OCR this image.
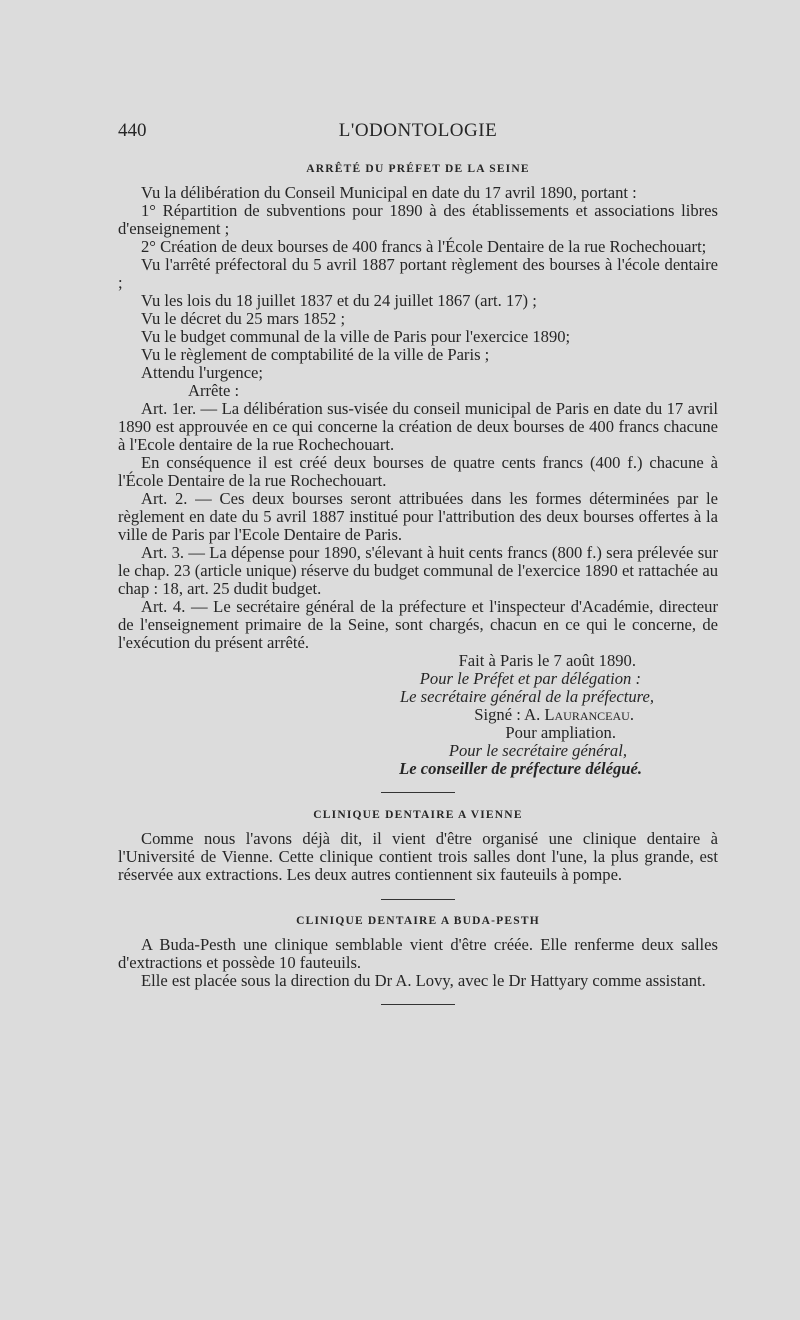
440	L'ODONTOLOGIE
ARRÊTÉ DU PRÉFET DE LA SEINE

Vu la délibération du Conseil Municipal en date du 17 avril 1890, portant :

1° Répartition de subventions pour 1890 à des établissements et associations libres d'enseignement ;

2° Création de deux bourses de 400 francs à l'École Dentaire de la rue Rochechouart;

Vu l'arrêté préfectoral du 5 avril 1887 portant règlement des bourses à l'école dentaire ;

Vu les lois du 18 juillet 1837 et du 24 juillet 1867 (art. 17) ;

Vu le décret du 25 mars 1852 ;

Vu le budget communal de la ville de Paris pour l'exercice 1890;

Vu le règlement de comptabilité de la ville de Paris ;

Attendu l'urgence;

Arrête :

Art. 1er. — La délibération sus-visée du conseil municipal de Paris en date du 17 avril 1890 est approuvée en ce qui concerne la création de deux bourses de 400 francs chacune à l'Ecole dentaire de la rue Rochechouart.

En conséquence il est créé deux bourses de quatre cents francs (400 f.) chacune à l'École Dentaire de la rue Rochechouart.

Art. 2. — Ces deux bourses seront attribuées dans les formes déterminées par le règlement en date du 5 avril 1887 institué pour l'attribution des deux bourses offertes à la ville de Paris par l'Ecole Dentaire de Paris.

Art. 3. — La dépense pour 1890, s'élevant à huit cents francs (800 f.) sera prélevée sur le chap. 23 (article unique) réserve du budget communal de l'exercice 1890 et rattachée au chap : 18, art. 25 dudit budget.

Art. 4. — Le secrétaire général de la préfecture et l'inspecteur d'Académie, directeur de l'enseignement primaire de la Seine, sont chargés, chacun en ce qui le concerne, de l'exécution du présent arrêté.

Fait à Paris le 7 août 1890.
Pour le Préfet et par délégation :
Le secrétaire général de la préfecture,
Signé : A. Lauranceau.
Pour ampliation.
Pour le secrétaire général,
Le conseiller de préfecture délégué.
CLINIQUE DENTAIRE A VIENNE

Comme nous l'avons déjà dit, il vient d'être organisé une clinique dentaire à l'Université de Vienne. Cette clinique contient trois salles dont l'une, la plus grande, est réservée aux extractions. Les deux autres contiennent six fauteuils à pompe.

CLINIQUE DENTAIRE A BUDA-PESTH

A Buda-Pesth une clinique semblable vient d'être créée. Elle renferme deux salles d'extractions et possède 10 fauteuils.

Elle est placée sous la direction du Dr A. Lovy, avec le Dr Hattyary comme assistant.
